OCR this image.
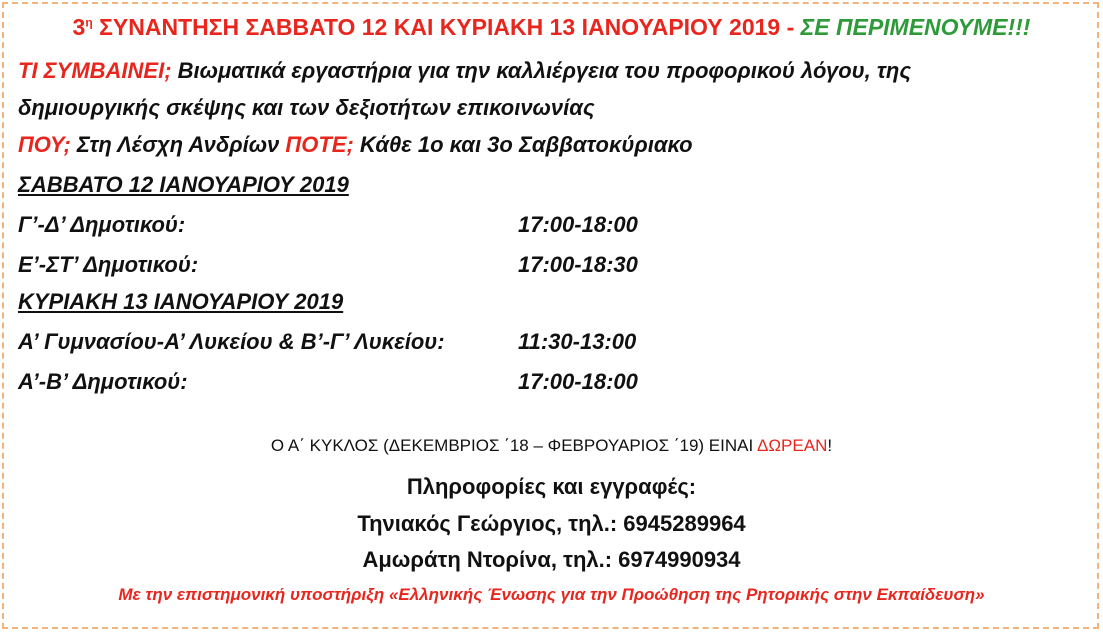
$3^\eta$ ΣΥΝΑΝΤΗΣΗ ΣΑΒΒΑΤΟ 12 ΚΑΙ ΚΥΡΙΑΚΗ 13 ΙΑΝΟΥΑΡΙΟΥ 2019 - ΣΕ ΠΕΡΙΜΕΝΟΥΜΕ!!!
ΤΙ ΣΥΜΒΑΙΝΕΙ; Βιωματικά εργαστήρια για την καλλιέργεια του προφορικού λόγου, της
δημιουργικής σκέψης και των δεξιοτήτων επικοινωνίας
ΠΟΥ; Στη Λέσχη Ανδρίων ΠΟΤΕ; Κάθε 1ο και 3ο Σαββατοκύριακο
ΣΑΒΒΑΤΟ 12 ΙΑΝΟΥΑΡΙΟΥ 2019
Γ’-Δ’ Δημοτικού:	17:00-18:00
Ε’-ΣΤ’ Δημοτικού:	17:00-18:30
ΚΥΡΙΑΚΗ 13 ΙΑΝΟΥΑΡΙΟΥ 2019
Α’ Γυμνασίου-Α’ Λυκείου & Β’-Γ’ Λυκείου:	11:30-13:00
Α’-Β’ Δημοτικού:	17:00-18:00
Ο Α΄ ΚΥΚΛΟΣ (ΔΕΚΕΜΒΡΙΟΣ ΄18 – ΦΕΒΡΟΥΑΡΙΟΣ ΄19) ΕΙΝΑΙ ΔΩΡΕΑΝ!
Πληροφορίες και εγγραφές:
Τηνιακός Γεώργιος, τηλ.: 6945289964
Αμωράτη Ντορίνα, τηλ.: 6974990934
Με την επιστημονική υποστήριξη «Ελληνικής Ένωσης για την Προώθηση της Ρητορικής στην Εκπαίδευση»
